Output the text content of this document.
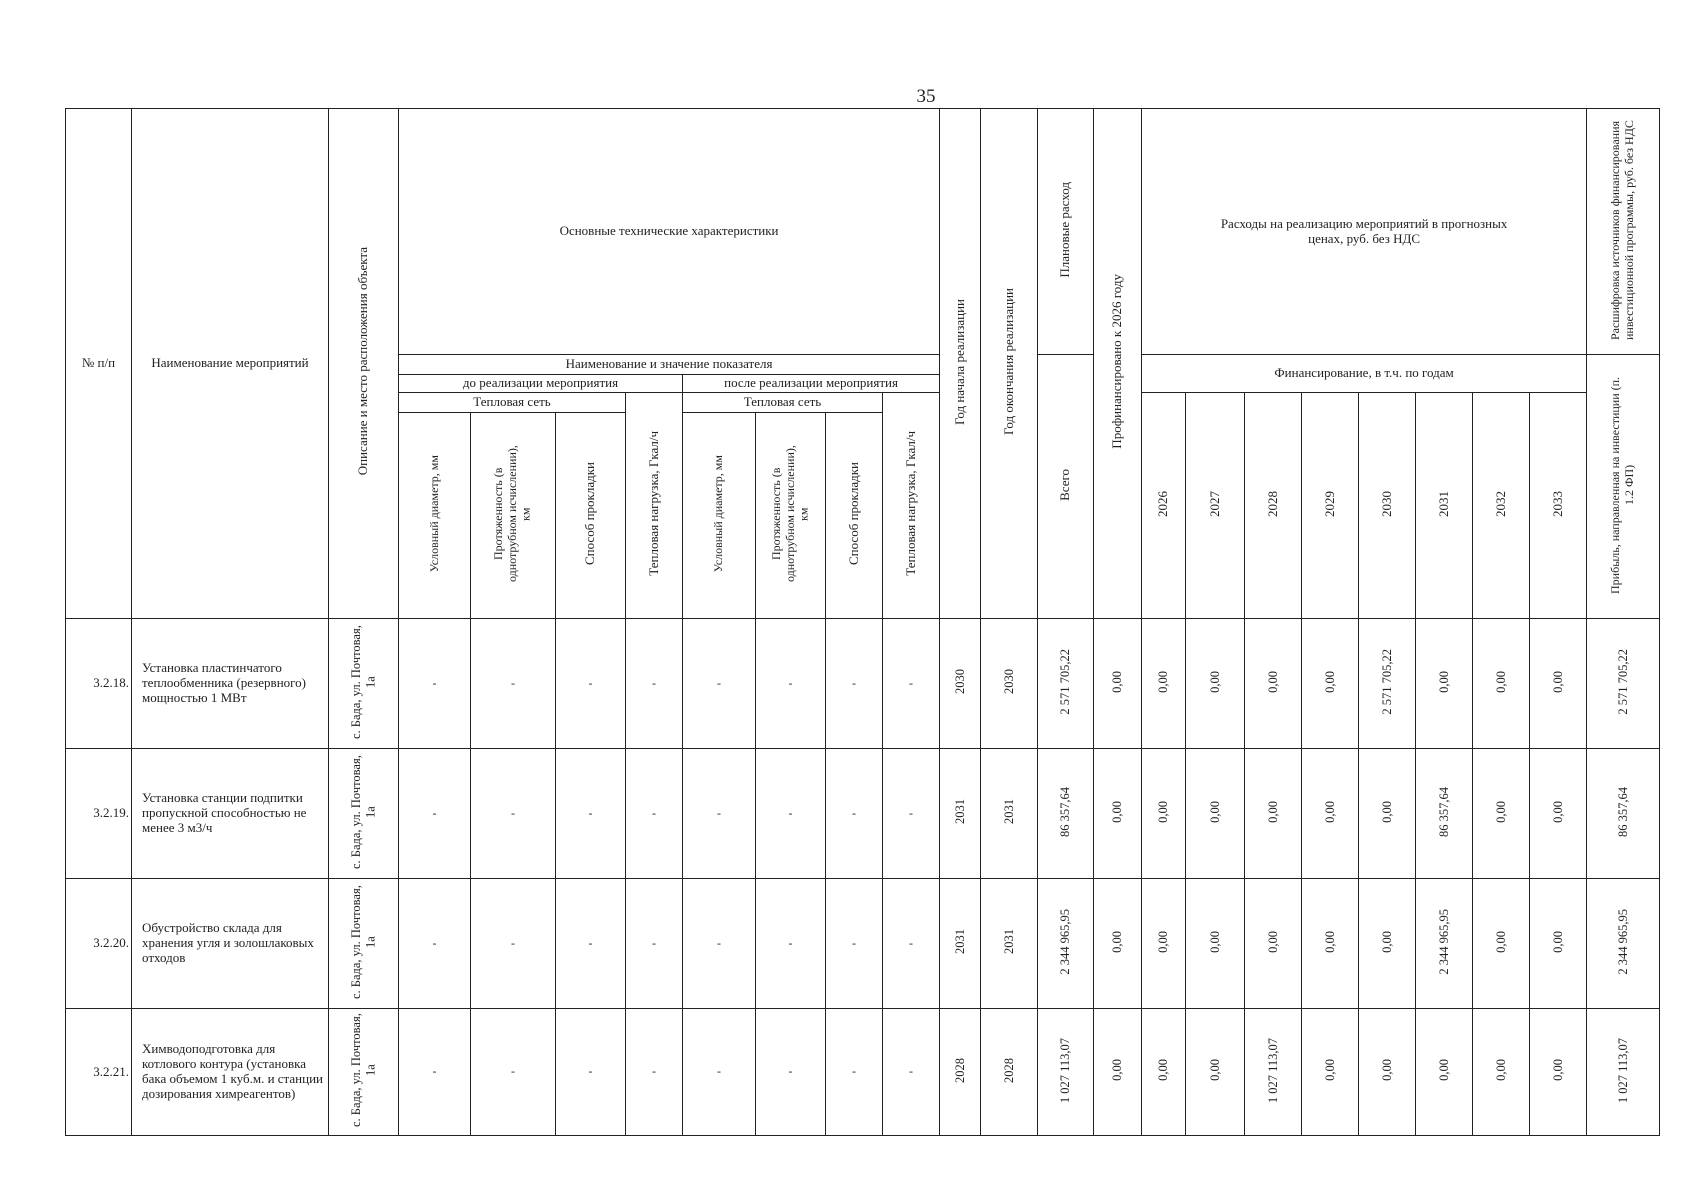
35
№ п/п	Наименование мероприятий	Описание и место расположения объекта	Основные технические характеристики								Год начала реализации	Год окончания реализации	Плановые расход	Профинансировано к 2026 году	Расходы на реализацию мероприятий в прогнозных ценах, руб. без НДС								Расшифровка источников финансирования инвестиционной программы, руб. без НДС	
			Наименование и значение показателя										Всего		Финансирование, в т.ч. по годам								Прибыль, направленная на инвестиции (п. 1.2 ФП)	
			до реализации мероприятия				после реализации мероприятия																	
			Тепловая сеть			Тепловая нагрузка, Гкал/ч	Тепловая сеть			Тепловая нагрузка, Гкал/ч					2026	2027	2028	2029	2030	2031	2032	2033		
			Условный диаметр, мм	Протяженность (в однотрубном исчислении), км	Способ прокладки		Условный диаметр, мм	Протяженность (в однотрубном исчислении), км	Способ прокладки															
3.2.18.	Установка пластинчатого теплообменника (резервного) мощностью 1 МВт	с. Бада, ул. Почтовая, 1а	-	-	-	-	-	-	-	-	2030	2030	2 571 705,22	0,00	0,00	0,00	0,00	0,00	2 571 705,22	0,00	0,00	0,00	2 571 705,22	
3.2.19.	Установка станции подпитки пропускной способностью не менее 3 м3/ч	с. Бада, ул. Почтовая, 1а	-	-	-	-	-	-	-	-	2031	2031	86 357,64	0,00	0,00	0,00	0,00	0,00	0,00	86 357,64	0,00	0,00	86 357,64	
3.2.20.	Обустройство склада для хранения угля и золошлаковых отходов	с. Бада, ул. Почтовая, 1а	-	-	-	-	-	-	-	-	2031	2031	2 344 965,95	0,00	0,00	0,00	0,00	0,00	0,00	2 344 965,95	0,00	0,00	2 344 965,95	
3.2.21.	Химводоподготовка для котлового контура (установка бака объемом 1 куб.м. и станции дозирования химреагентов)	с. Бада, ул. Почтовая, 1а	-	-	-	-	-	-	-	-	2028	2028	1 027 113,07	0,00	0,00	0,00	1 027 113,07	0,00	0,00	0,00	0,00	0,00	1 027 113,07	
